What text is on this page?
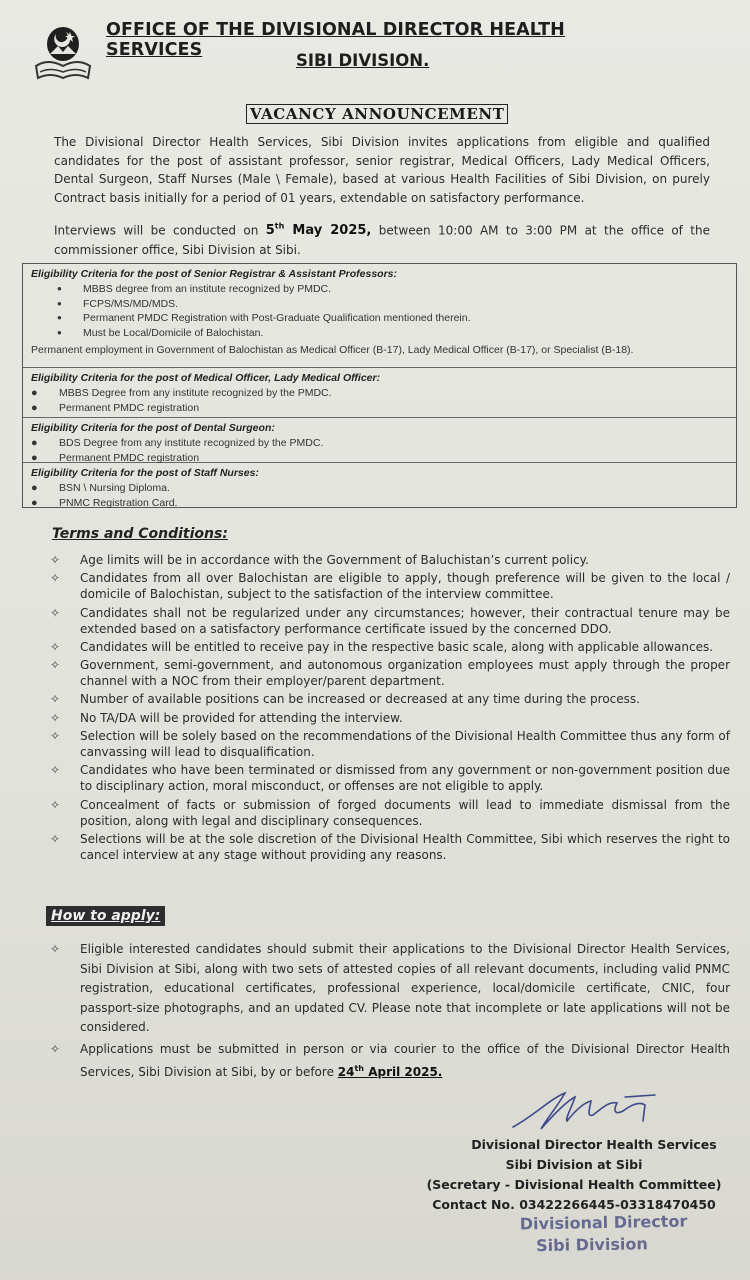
OFFICE OF THE DIVISIONAL DIRECTOR HEALTH SERVICES
SIBI DIVISION.
VACANCY ANNOUNCEMENT
The Divisional Director Health Services, Sibi Division invites applications from eligible and qualified candidates for the post of assistant professor, senior registrar, Medical Officers, Lady Medical Officers, Dental Surgeon, Staff Nurses (Male \ Female), based at various Health Facilities of Sibi Division, on purely Contract basis initially for a period of 01 years, extendable on satisfactory performance.
Interviews will be conducted on 5th May 2025, between 10:00 AM to 3:00 PM at the office of the commissioner office, Sibi Division at Sibi.
Eligibility Criteria for the post of Senior Registrar & Assistant Professors:
● MBBS degree from an institute recognized by PMDC.
● FCPS/MS/MD/MDS.
● Permanent PMDC Registration with Post-Graduate Qualification mentioned therein.
● Must be Local/Domicile of Balochistan.
Permanent employment in Government of Balochistan as Medical Officer (B-17), Lady Medical Officer (B-17), or Specialist (B-18).
Eligibility Criteria for the post of Medical Officer, Lady Medical Officer:
● MBBS Degree from any institute recognized by the PMDC.
● Permanent PMDC registration
Eligibility Criteria for the post of Dental Surgeon:
● BDS Degree from any institute recognized by the PMDC.
● Permanent PMDC registration
Eligibility Criteria for the post of Staff Nurses:
● BSN \ Nursing Diploma.
● PNMC Registration Card.
Terms and Conditions:
✧ Age limits will be in accordance with the Government of Baluchistan’s current policy.
✧ Candidates from all over Balochistan are eligible to apply, though preference will be given to the local / domicile of Balochistan, subject to the satisfaction of the interview committee.
✧ Candidates shall not be regularized under any circumstances; however, their contractual tenure may be extended based on a satisfactory performance certificate issued by the concerned DDO.
✧ Candidates will be entitled to receive pay in the respective basic scale, along with applicable allowances.
✧ Government, semi-government, and autonomous organization employees must apply through the proper channel with a NOC from their employer/parent department.
✧ Number of available positions can be increased or decreased at any time during the process.
✧ No TA/DA will be provided for attending the interview.
✧ Selection will be solely based on the recommendations of the Divisional Health Committee thus any form of canvassing will lead to disqualification.
✧ Candidates who have been terminated or dismissed from any government or non-government position due to disciplinary action, moral misconduct, or offenses are not eligible to apply.
✧ Concealment of facts or submission of forged documents will lead to immediate dismissal from the position, along with legal and disciplinary consequences.
✧ Selections will be at the sole discretion of the Divisional Health Committee, Sibi which reserves the right to cancel interview at any stage without providing any reasons.
How to apply:
✧ Eligible interested candidates should submit their applications to the Divisional Director Health Services, Sibi Division at Sibi, along with two sets of attested copies of all relevant documents, including valid PNMC registration, educational certificates, professional experience, local/domicile certificate, CNIC, four passport-size photographs, and an updated CV. Please note that incomplete or late applications will not be considered.
✧ Applications must be submitted in person or via courier to the office of the Divisional Director Health Services, Sibi Division at Sibi, by or before 24th April 2025.
Divisional Director Health Services
Sibi Division at Sibi
(Secretary - Divisional Health Committee)
Contact No. 03422266445-03318470450
Divisional Director
Sibi Division
